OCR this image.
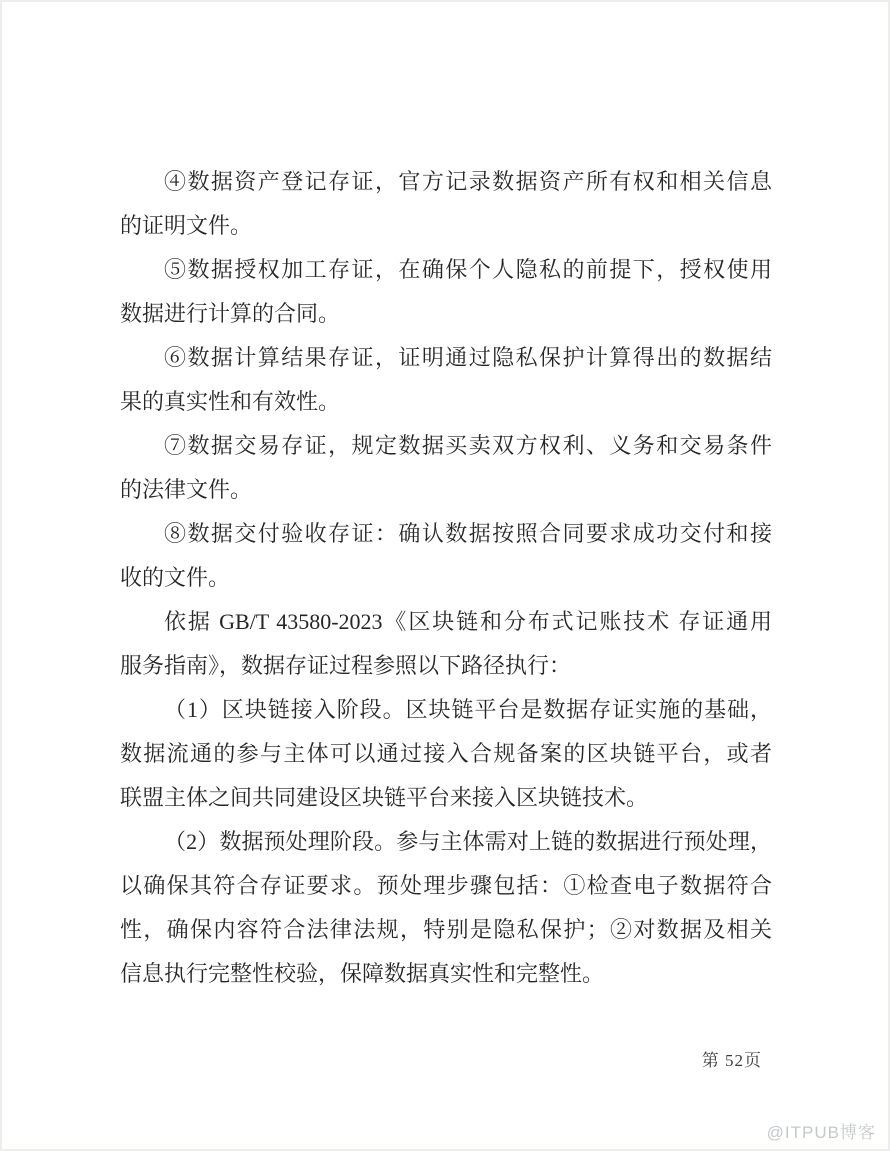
④数据资产登记存证，官方记录数据资产所有权和相关信息
的证明文件。
⑤数据授权加工存证，在确保个人隐私的前提下，授权使用
数据进行计算的合同。
⑥数据计算结果存证，证明通过隐私保护计算得出的数据结
果的真实性和有效性。
⑦数据交易存证，规定数据买卖双方权利、义务和交易条件
的法律文件。
⑧数据交付验收存证：确认数据按照合同要求成功交付和接
收的文件。
依据 GB/T 43580-2023《区块链和分布式记账技术 存证通用
服务指南》，数据存证过程参照以下路径执行：
（1）区块链接入阶段。区块链平台是数据存证实施的基础，
数据流通的参与主体可以通过接入合规备案的区块链平台，或者
联盟主体之间共同建设区块链平台来接入区块链技术。
（2）数据预处理阶段。参与主体需对上链的数据进行预处理，
以确保其符合存证要求。预处理步骤包括：①检查电子数据符合
性，确保内容符合法律法规，特别是隐私保护；②对数据及相关
信息执行完整性校验，保障数据真实性和完整性。
第 52页
@ITPUB博客
